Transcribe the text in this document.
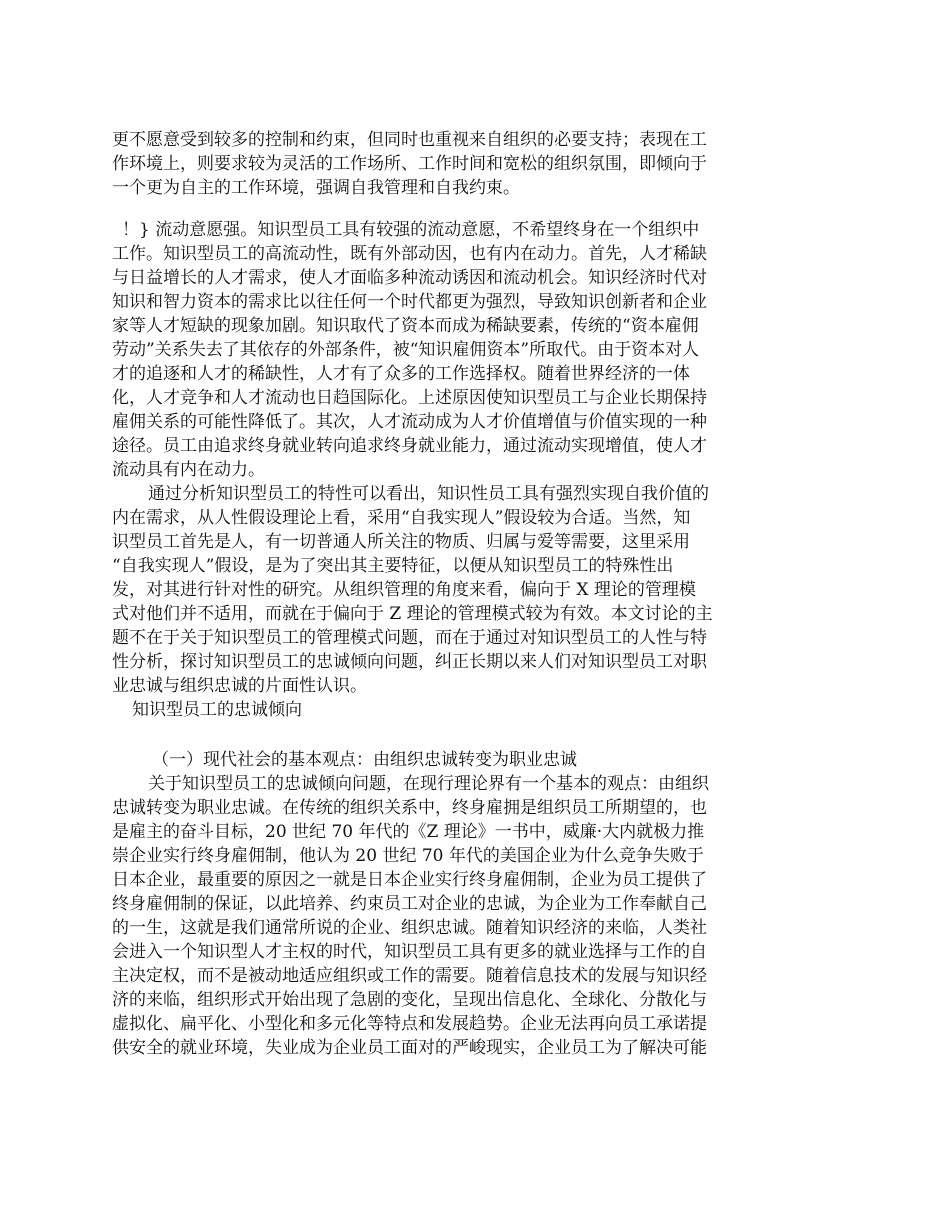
更不愿意受到较多的控制和约束，但同时也重视来自组织的必要支持；表现在工
作环境上，则要求较为灵活的工作场所、工作时间和宽松的组织氛围，即倾向于
一个更为自主的工作环境，强调自我管理和自我约束。
！} 流动意愿强。知识型员工具有较强的流动意愿，不希望终身在一个组织中
工作。知识型员工的高流动性，既有外部动因，也有内在动力。首先，人才稀缺
与日益增长的人才需求，使人才面临多种流动诱因和流动机会。知识经济时代对
知识和智力资本的需求比以往任何一个时代都更为强烈，导致知识创新者和企业
家等人才短缺的现象加剧。知识取代了资本而成为稀缺要素，传统的“资本雇佣
劳动”关系失去了其依存的外部条件，被“知识雇佣资本”所取代。由于资本对人
才的追逐和人才的稀缺性，人才有了众多的工作选择权。随着世界经济的一体
化，人才竞争和人才流动也日趋国际化。上述原因使知识型员工与企业长期保持
雇佣关系的可能性降低了。其次，人才流动成为人才价值增值与价值实现的一种
途径。员工由追求终身就业转向追求终身就业能力，通过流动实现增值，使人才
流动具有内在动力。
通过分析知识型员工的特性可以看出，知识性员工具有强烈实现自我价值的
内在需求，从人性假设理论上看，采用“自我实现人”假设较为合适。当然，知
识型员工首先是人，有一切普通人所关注的物质、归属与爱等需要，这里采用
“自我实现人”假设，是为了突出其主要特征，以便从知识型员工的特殊性出
发，对其进行针对性的研究。从组织管理的角度来看，偏向于 X 理论的管理模
式对他们并不适用，而就在于偏向于 Z 理论的管理模式较为有效。本文讨论的主
题不在于关于知识型员工的管理模式问题，而在于通过对知识型员工的人性与特
性分析，探讨知识型员工的忠诚倾向问题，纠正长期以来人们对知识型员工对职
业忠诚与组织忠诚的片面性认识。
知识型员工的忠诚倾向
（一）现代社会的基本观点：由组织忠诚转变为职业忠诚
关于知识型员工的忠诚倾向问题，在现行理论界有一个基本的观点：由组织
忠诚转变为职业忠诚。在传统的组织关系中，终身雇拥是组织员工所期望的，也
是雇主的奋斗目标，20 世纪 70 年代的《Z 理论》一书中，威廉·大内就极力推
崇企业实行终身雇佣制，他认为 20 世纪 70 年代的美国企业为什么竞争失败于
日本企业，最重要的原因之一就是日本企业实行终身雇佣制，企业为员工提供了
终身雇佣制的保证，以此培养、约束员工对企业的忠诚，为企业为工作奉献自己
的一生，这就是我们通常所说的企业、组织忠诚。随着知识经济的来临，人类社
会进入一个知识型人才主权的时代，知识型员工具有更多的就业选择与工作的自
主决定权，而不是被动地适应组织或工作的需要。随着信息技术的发展与知识经
济的来临，组织形式开始出现了急剧的变化，呈现出信息化、全球化、分散化与
虚拟化、扁平化、小型化和多元化等特点和发展趋势。企业无法再向员工承诺提
供安全的就业环境，失业成为企业员工面对的严峻现实，企业员工为了解决可能
